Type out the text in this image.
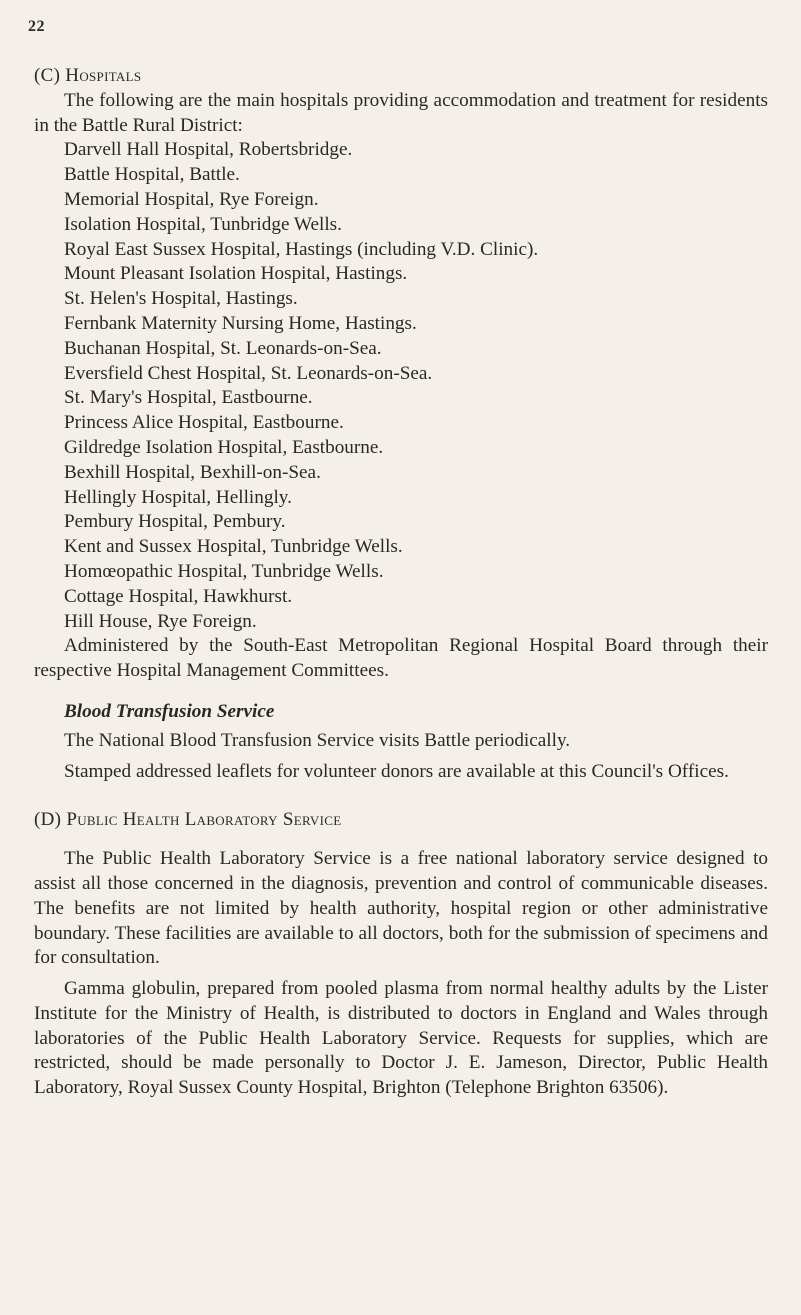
22
(C) Hospitals

The following are the main hospitals providing accommodation and treatment for residents in the Battle Rural District:

Darvell Hall Hospital, Robertsbridge.
Battle Hospital, Battle.
Memorial Hospital, Rye Foreign.
Isolation Hospital, Tunbridge Wells.
Royal East Sussex Hospital, Hastings (including V.D. Clinic).
Mount Pleasant Isolation Hospital, Hastings.
St. Helen's Hospital, Hastings.
Fernbank Maternity Nursing Home, Hastings.
Buchanan Hospital, St. Leonards-on-Sea.
Eversfield Chest Hospital, St. Leonards-on-Sea.
St. Mary's Hospital, Eastbourne.
Princess Alice Hospital, Eastbourne.
Gildredge Isolation Hospital, Eastbourne.
Bexhill Hospital, Bexhill-on-Sea.
Hellingly Hospital, Hellingly.
Pembury Hospital, Pembury.
Kent and Sussex Hospital, Tunbridge Wells.
Homœopathic Hospital, Tunbridge Wells.
Cottage Hospital, Hawkhurst.
Hill House, Rye Foreign.

Administered by the South-East Metropolitan Regional Hospital Board through their respective Hospital Management Committees.

Blood Transfusion Service

The National Blood Transfusion Service visits Battle periodically.

Stamped addressed leaflets for volunteer donors are available at this Council's Offices.

(D) Public Health Laboratory Service

The Public Health Laboratory Service is a free national laboratory service designed to assist all those concerned in the diagnosis, prevention and control of communicable diseases. The benefits are not limited by health authority, hospital region or other administrative boundary. These facilities are available to all doctors, both for the submission of specimens and for consultation.

Gamma globulin, prepared from pooled plasma from normal healthy adults by the Lister Institute for the Ministry of Health, is distributed to doctors in England and Wales through laboratories of the Public Health Laboratory Service. Requests for supplies, which are restricted, should be made personally to Doctor J. E. Jameson, Director, Public Health Laboratory, Royal Sussex County Hospital, Brighton (Telephone Brighton 63506).
